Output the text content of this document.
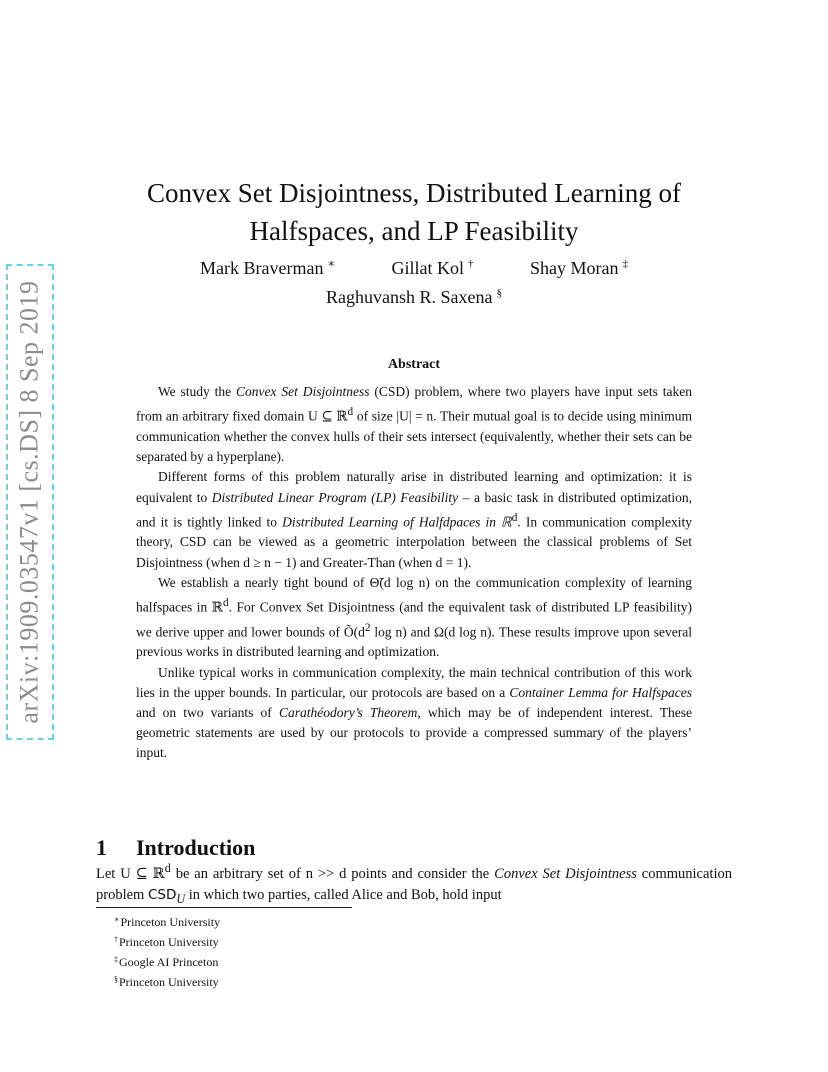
arXiv:1909.03547v1 [cs.DS] 8 Sep 2019
Convex Set Disjointness, Distributed Learning of
Halfspaces, and LP Feasibility
Mark Braverman ∗	Gillat Kol †	Shay Moran ‡
Raghuvansh R. Saxena §
Abstract

We study the Convex Set Disjointness (CSD) problem, where two players have input sets taken from an arbitrary fixed domain U ⊆ ℝ$^d$ of size |U| = n. Their mutual goal is to decide using minimum communication whether the convex hulls of their sets intersect (equivalently, whether their sets can be separated by a hyperplane).

Different forms of this problem naturally arise in distributed learning and optimization: it is equivalent to Distributed Linear Program (LP) Feasibility – a basic task in distributed optimization, and it is tightly linked to Distributed Learning of Halfdpaces in ℝ$^d$. In communication complexity theory, CSD can be viewed as a geometric interpolation between the classical problems of Set Disjointness (when d ≥ n − 1) and Greater-Than (when d = 1).

We establish a nearly tight bound of Θ̃(d log n) on the communication complexity of learning halfspaces in ℝ$^d$. For Convex Set Disjointness (and the equivalent task of distributed LP feasibility) we derive upper and lower bounds of $Õ(d^2$ log n) and Ω(d log n). These results improve upon several previous works in distributed learning and optimization.

Unlike typical works in communication complexity, the main technical contribution of this work lies in the upper bounds. In particular, our protocols are based on a Container Lemma for Halfspaces and on two variants of Carathéodory’s Theorem, which may be of independent interest. These geometric statements are used by our protocols to provide a compressed summary of the players’ input.

1 Introduction

Let U ⊆ ℝ$^d$ be an arbitrary set of n >> d points and consider the Convex Set Disjointness communication problem $CSD_U$ in which two parties, called Alice and Bob, hold input

∗Princeton University
†Princeton University
‡Google AI Princeton
§Princeton University
